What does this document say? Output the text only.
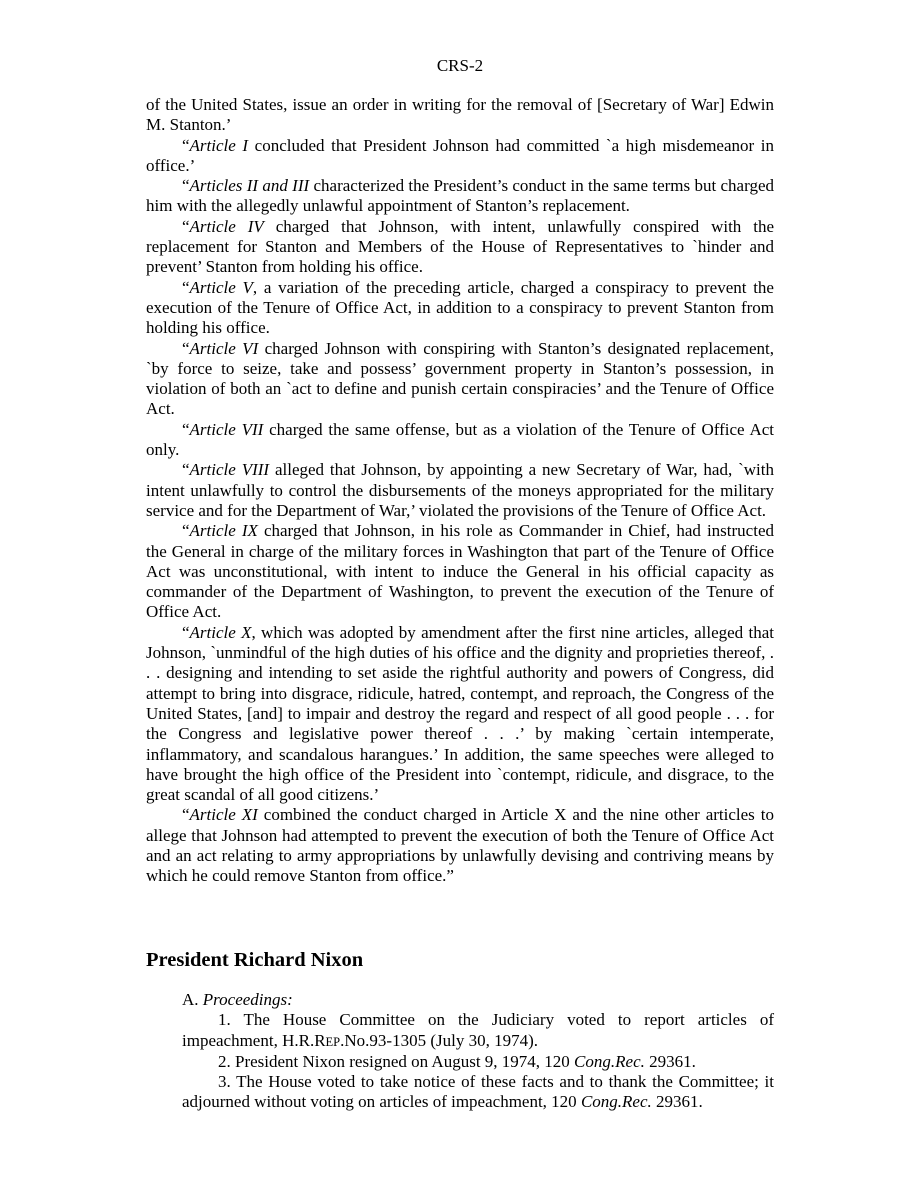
CRS-2

of the United States, issue an order in writing for the removal of [Secretary of War] Edwin M. Stanton.’

“Article I concluded that President Johnson had committed `a high misdemeanor in office.’

“Articles II and III characterized the President’s conduct in the same terms but charged him with the allegedly unlawful appointment of Stanton’s replacement.

“Article IV charged that Johnson, with intent, unlawfully conspired with the replacement for Stanton and Members of the House of Representatives to `hinder and prevent’ Stanton from holding his office.

“Article V, a variation of the preceding article, charged a conspiracy to prevent the execution of the Tenure of Office Act, in addition to a conspiracy to prevent Stanton from holding his office.

“Article VI charged Johnson with conspiring with Stanton’s designated replacement, `by force to seize, take and possess’ government property in Stanton’s possession, in violation of both an `act to define and punish certain conspiracies’ and the Tenure of Office Act.

“Article VII charged the same offense, but as a violation of the Tenure of Office Act only.

“Article VIII alleged that Johnson, by appointing a new Secretary of War, had, `with intent unlawfully to control the disbursements of the moneys appropriated for the military service and for the Department of War,’ violated the provisions of the Tenure of Office Act.

“Article IX charged that Johnson, in his role as Commander in Chief, had instructed the General in charge of the military forces in Washington that part of the Tenure of Office Act was unconstitutional, with intent to induce the General in his official capacity as commander of the Department of Washington, to prevent the execution of the Tenure of Office Act.

“Article X, which was adopted by amendment after the first nine articles, alleged that Johnson, `unmindful of the high duties of his office and the dignity and proprieties thereof, . . . designing and intending to set aside the rightful authority and powers of Congress, did attempt to bring into disgrace, ridicule, hatred, contempt, and reproach, the Congress of the United States, [and] to impair and destroy the regard and respect of all good people . . . for the Congress and legislative power thereof . . .’ by making `certain intemperate, inflammatory, and scandalous harangues.’ In addition, the same speeches were alleged to have brought the high office of the President into `contempt, ridicule, and disgrace, to the great scandal of all good citizens.’

“Article XI combined the conduct charged in Article X and the nine other articles to allege that Johnson had attempted to prevent the execution of both the Tenure of Office Act and an act relating to army appropriations by unlawfully devising and contriving means by which he could remove Stanton from office.”

President Richard Nixon

A. Proceedings:

1. The House Committee on the Judiciary voted to report articles of impeachment, H.R.REP.No.93-1305 (July 30, 1974).

2. President Nixon resigned on August 9, 1974, 120 Cong.Rec. 29361.

3. The House voted to take notice of these facts and to thank the Committee; it adjourned without voting on articles of impeachment, 120 Cong.Rec. 29361.
